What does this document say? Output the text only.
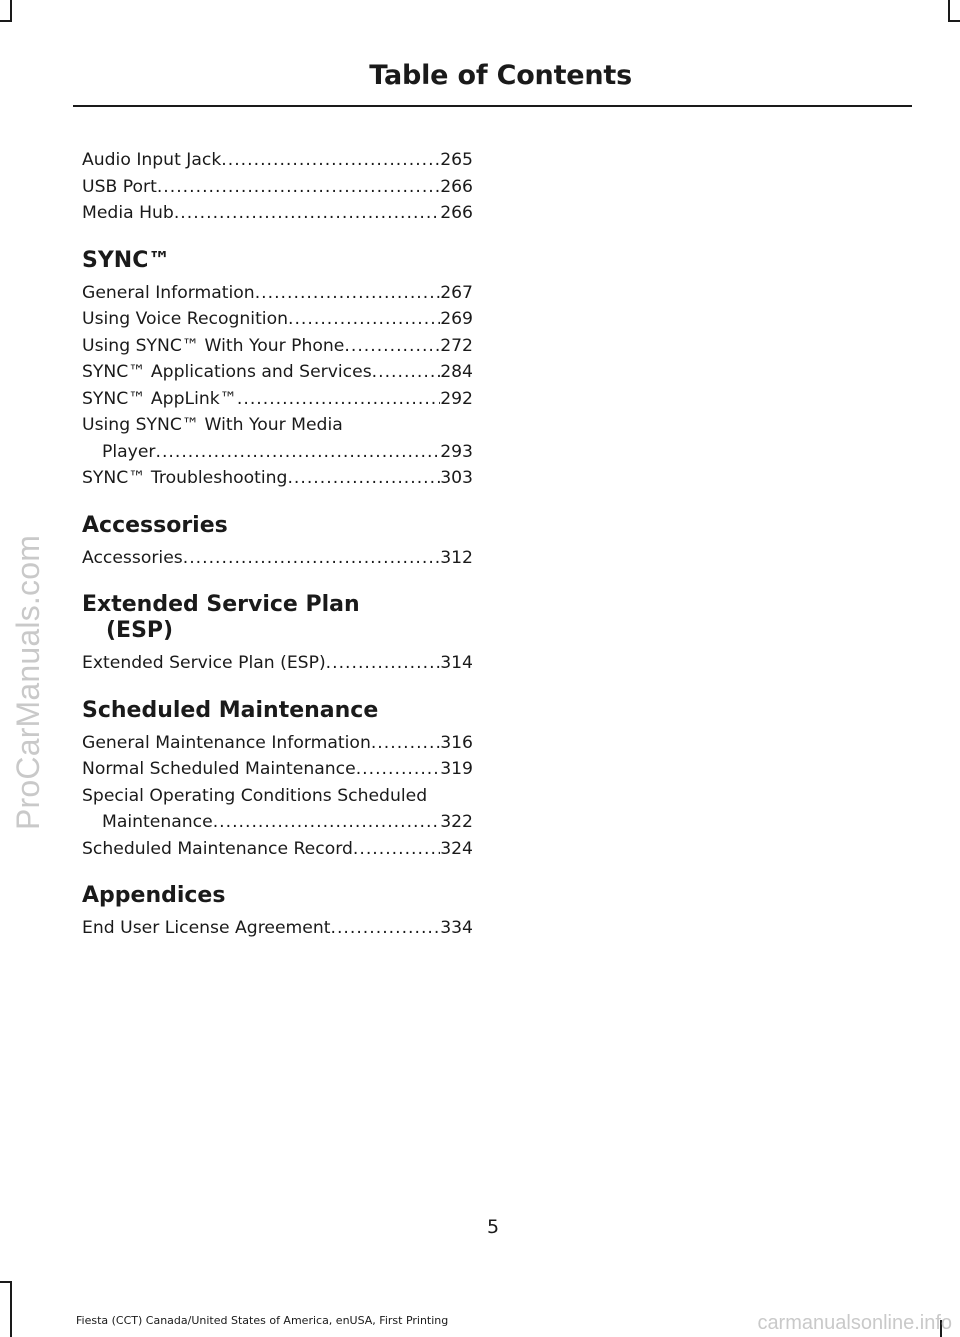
ProCarManuals.com
Table of Contents
Audio Input Jack .....	265
USB Port .....	266
Media Hub .....	266
SYNC™
General Information .....	267
Using Voice Recognition .....	269
Using SYNC™ With Your Phone .....	272
SYNC™ Applications and Services .....	284
SYNC™ AppLink™ .....	292
Using SYNC™ With Your Media
Player .....	293
SYNC™ Troubleshooting .....	303
Accessories
Accessories .....	312
Extended Service Plan
(ESP)
Extended Service Plan (ESP) .....	314
Scheduled Maintenance
General Maintenance Information .....	316
Normal Scheduled Maintenance .....	319
Special Operating Conditions Scheduled
Maintenance .....	322
Scheduled Maintenance Record .....	324
Appendices
End User License Agreement .....	334
5
Fiesta (CCT) Canada/United States of America, enUSA, First Printing	carmanualsonline.info
